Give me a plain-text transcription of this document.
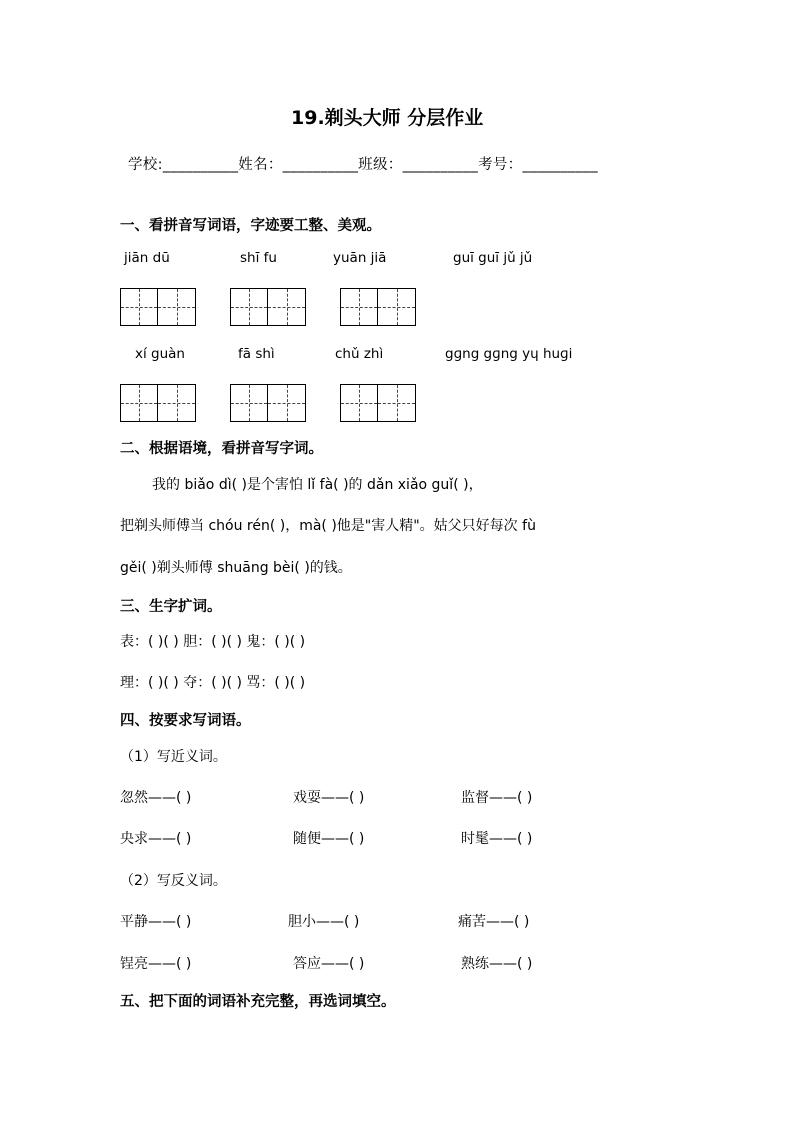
19.剃头大师 分层作业
学校:__________姓名：__________班级：__________考号：__________
一、看拼音写词语，字迹要工整、美观。
jiān dū	shī fu	yuān jiā	guī guī jǔ jǔ
xí guàn	fā shì	chǔ zhì	gɡng gɡng yɥ huɡi
二、根据语境，看拼音写字词。
我的 biǎo dì( )是个害怕 lǐ fà( )的 dǎn xiǎo guǐ( )，
把剃头师傅当 chóu rén( )，mà( )他是"害人精"。姑父只好每次 fù
gěi( )剃头师傅 shuāng bèi( )的钱。
三、生字扩词。
表：( )( ) 胆：( )( ) 鬼：( )( )
理：( )( ) 夺：( )( ) 骂：( )( )
四、按要求写词语。
（1）写近义词。
忽然——( )	戏耍——( )	监督——( )
央求——( )	随便——( )	时髦——( )
（2）写反义词。
平静——( )	胆小——( )	痛苦——( )
锃亮——( )	答应——( )	熟练——( )
五、把下面的词语补充完整，再选词填空。
